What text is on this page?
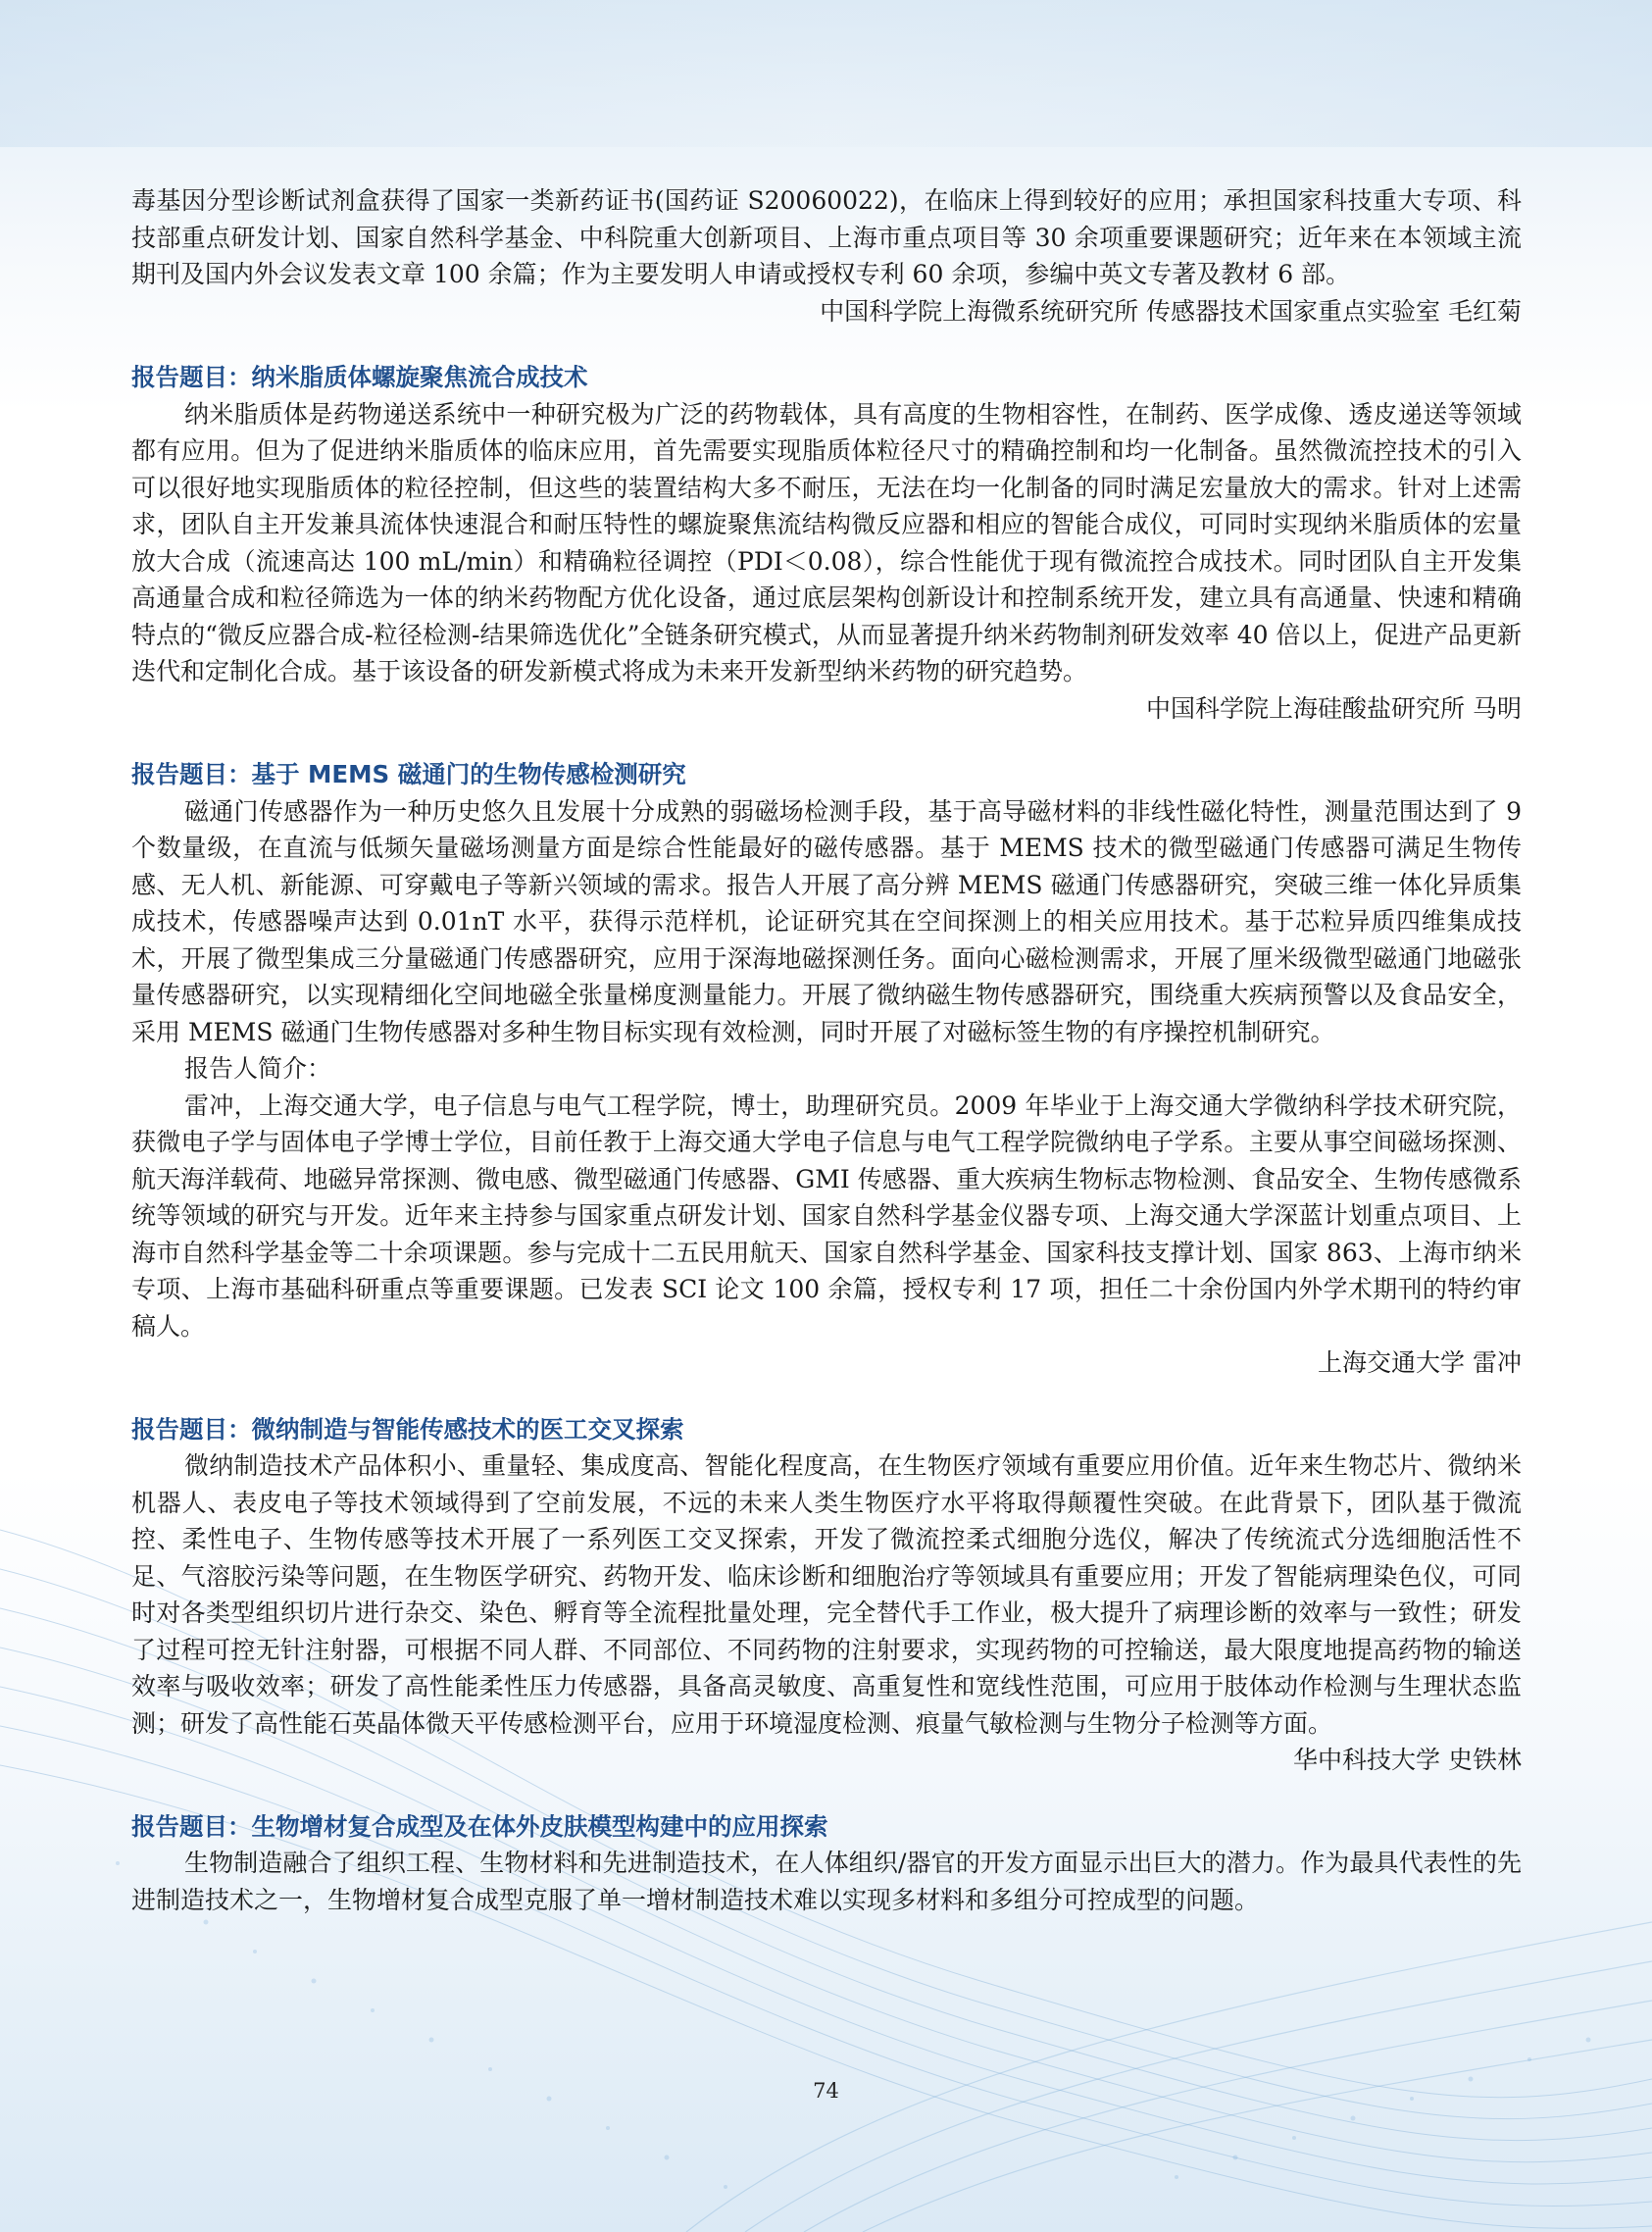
毒基因分型诊断试剂盒获得了国家一类新药证书(国药证 S20060022)，在临床上得到较好的应用；承担国家科技重大专项、科技部重点研发计划、国家自然科学基金、中科院重大创新项目、上海市重点项目等 30 余项重要课题研究；近年来在本领域主流期刊及国内外会议发表文章 100 余篇；作为主要发明人申请或授权专利 60 余项，参编中英文专著及教材 6 部。

中国科学院上海微系统研究所 传感器技术国家重点实验室 毛红菊

报告题目：纳米脂质体螺旋聚焦流合成技术

纳米脂质体是药物递送系统中一种研究极为广泛的药物载体，具有高度的生物相容性，在制药、医学成像、透皮递送等领域都有应用。但为了促进纳米脂质体的临床应用，首先需要实现脂质体粒径尺寸的精确控制和均一化制备。虽然微流控技术的引入可以很好地实现脂质体的粒径控制，但这些的装置结构大多不耐压，无法在均一化制备的同时满足宏量放大的需求。针对上述需求，团队自主开发兼具流体快速混合和耐压特性的螺旋聚焦流结构微反应器和相应的智能合成仪，可同时实现纳米脂质体的宏量放大合成（流速高达 100 mL/min）和精确粒径调控（PDI＜0.08），综合性能优于现有微流控合成技术。同时团队自主开发集高通量合成和粒径筛选为一体的纳米药物配方优化设备，通过底层架构创新设计和控制系统开发，建立具有高通量、快速和精确特点的“微反应器合成-粒径检测-结果筛选优化”全链条研究模式，从而显著提升纳米药物制剂研发效率 40 倍以上，促进产品更新迭代和定制化合成。基于该设备的研发新模式将成为未来开发新型纳米药物的研究趋势。

中国科学院上海硅酸盐研究所 马明

报告题目：基于 MEMS 磁通门的生物传感检测研究

磁通门传感器作为一种历史悠久且发展十分成熟的弱磁场检测手段，基于高导磁材料的非线性磁化特性，测量范围达到了 9 个数量级，在直流与低频矢量磁场测量方面是综合性能最好的磁传感器。基于 MEMS 技术的微型磁通门传感器可满足生物传感、无人机、新能源、可穿戴电子等新兴领域的需求。报告人开展了高分辨 MEMS 磁通门传感器研究，突破三维一体化异质集成技术，传感器噪声达到 0.01nT 水平，获得示范样机，论证研究其在空间探测上的相关应用技术。基于芯粒异质四维集成技术，开展了微型集成三分量磁通门传感器研究，应用于深海地磁探测任务。面向心磁检测需求，开展了厘米级微型磁通门地磁张量传感器研究，以实现精细化空间地磁全张量梯度测量能力。开展了微纳磁生物传感器研究，围绕重大疾病预警以及食品安全，采用 MEMS 磁通门生物传感器对多种生物目标实现有效检测，同时开展了对磁标签生物的有序操控机制研究。

报告人简介：

雷冲，上海交通大学，电子信息与电气工程学院，博士，助理研究员。2009 年毕业于上海交通大学微纳科学技术研究院，获微电子学与固体电子学博士学位，目前任教于上海交通大学电子信息与电气工程学院微纳电子学系。主要从事空间磁场探测、航天海洋载荷、地磁异常探测、微电感、微型磁通门传感器、GMI 传感器、重大疾病生物标志物检测、食品安全、生物传感微系统等领域的研究与开发。近年来主持参与国家重点研发计划、国家自然科学基金仪器专项、上海交通大学深蓝计划重点项目、上海市自然科学基金等二十余项课题。参与完成十二五民用航天、国家自然科学基金、国家科技支撑计划、国家 863、上海市纳米专项、上海市基础科研重点等重要课题。已发表 SCI 论文 100 余篇，授权专利 17 项，担任二十余份国内外学术期刊的特约审稿人。

上海交通大学 雷冲

报告题目：微纳制造与智能传感技术的医工交叉探索

微纳制造技术产品体积小、重量轻、集成度高、智能化程度高，在生物医疗领域有重要应用价值。近年来生物芯片、微纳米机器人、表皮电子等技术领域得到了空前发展，不远的未来人类生物医疗水平将取得颠覆性突破。在此背景下，团队基于微流控、柔性电子、生物传感等技术开展了一系列医工交叉探索，开发了微流控柔式细胞分选仪，解决了传统流式分选细胞活性不足、气溶胶污染等问题，在生物医学研究、药物开发、临床诊断和细胞治疗等领域具有重要应用；开发了智能病理染色仪，可同时对各类型组织切片进行杂交、染色、孵育等全流程批量处理，完全替代手工作业，极大提升了病理诊断的效率与一致性；研发了过程可控无针注射器，可根据不同人群、不同部位、不同药物的注射要求，实现药物的可控输送，最大限度地提高药物的输送效率与吸收效率；研发了高性能柔性压力传感器，具备高灵敏度、高重复性和宽线性范围，可应用于肢体动作检测与生理状态监测；研发了高性能石英晶体微天平传感检测平台，应用于环境湿度检测、痕量气敏检测与生物分子检测等方面。

华中科技大学 史铁林

报告题目：生物增材复合成型及在体外皮肤模型构建中的应用探索

生物制造融合了组织工程、生物材料和先进制造技术，在人体组织/器官的开发方面显示出巨大的潜力。作为最具代表性的先进制造技术之一，生物增材复合成型克服了单一增材制造技术难以实现多材料和多组分可控成型的问题。

74
